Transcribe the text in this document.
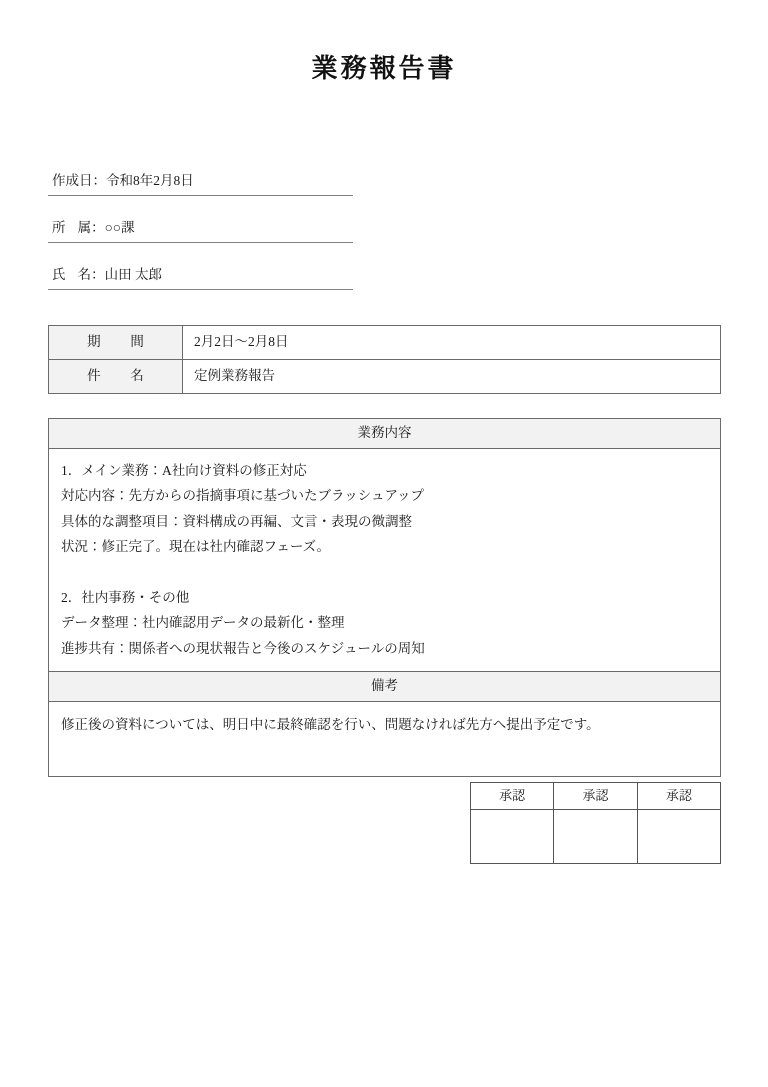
業務報告書
作成日：令和8年2月8日
所属：○○課
氏名：山田 太郎
期間	2月2日～2月8日
件名	定例業務報告
業務内容

1．メイン業務：A社向け資料の修正対応

対応内容：先方からの指摘事項に基づいたブラッシュアップ

具体的な調整項目：資料構成の再編、文言・表現の微調整

状況：修正完了。現在は社内確認フェーズ。

2．社内事務・その他

データ整理：社内確認用データの最新化・整理

進捗共有：関係者への現状報告と今後のスケジュールの周知

備考

修正後の資料については、明日中に最終確認を行い、問題なければ先方へ提出予定です。

承認	承認	承認
